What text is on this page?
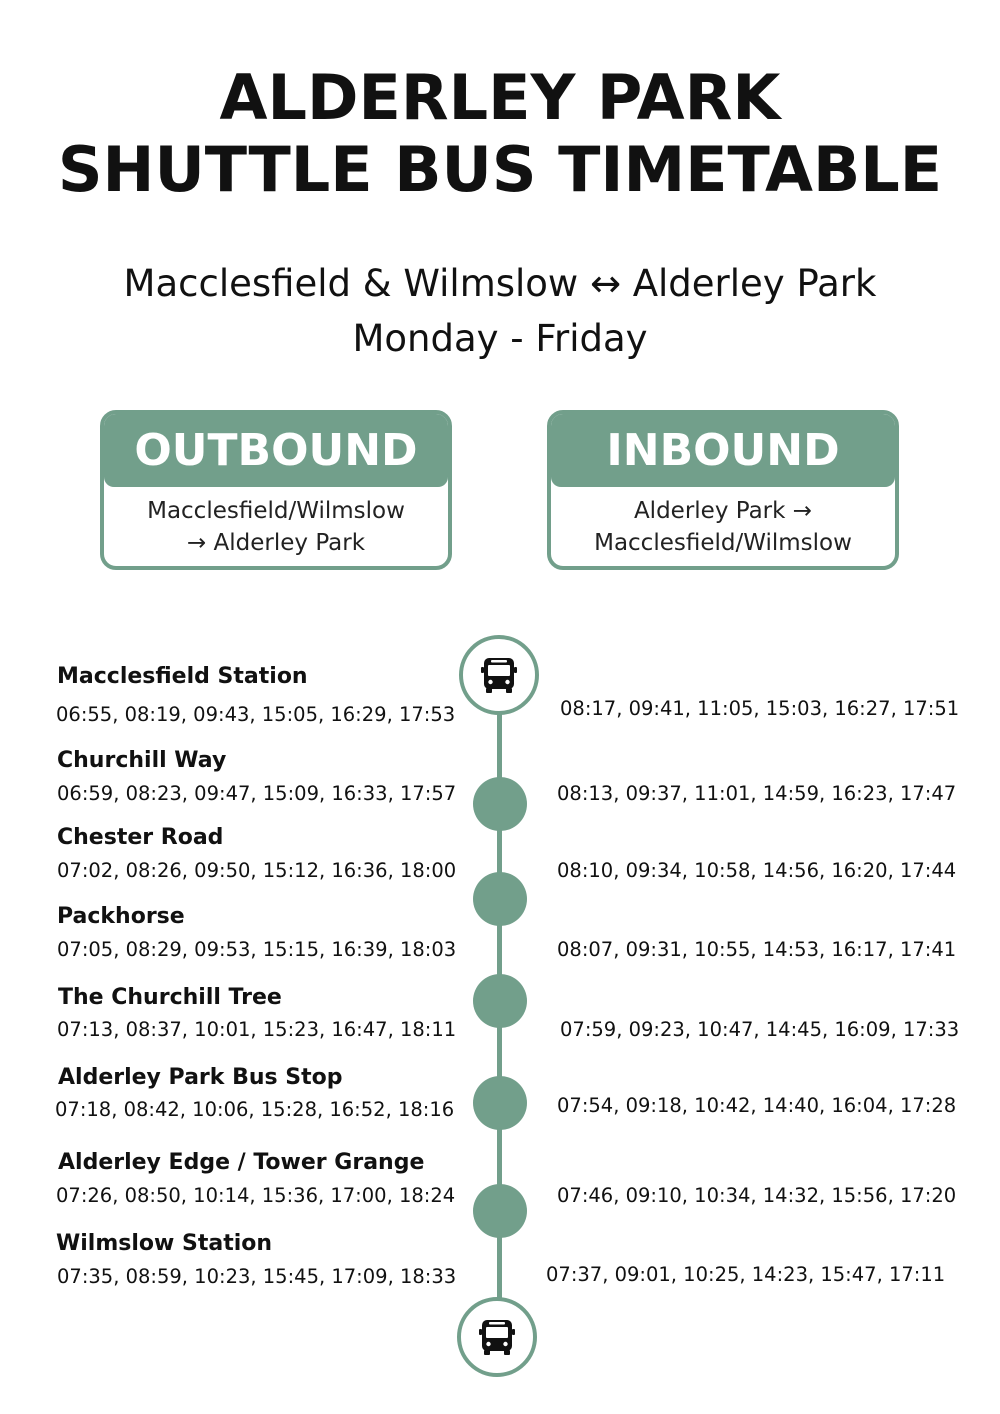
ALDERLEY PARK
SHUTTLE BUS TIMETABLE
Macclesfield & Wilmslow ↔ Alderley Park
Monday - Friday
OUTBOUND
Macclesfield/Wilmslow
→ Alderley Park
INBOUND
Alderley Park →
Macclesfield/Wilmslow
Macclesfield Station
06:55, 08:19, 09:43, 15:05, 16:29, 17:53	08:17, 09:41, 11:05, 15:03, 16:27, 17:51
Churchill Way
06:59, 08:23, 09:47, 15:09, 16:33, 17:57	08:13, 09:37, 11:01, 14:59, 16:23, 17:47
Chester Road
07:02, 08:26, 09:50, 15:12, 16:36, 18:00	08:10, 09:34, 10:58, 14:56, 16:20, 17:44
Packhorse
07:05, 08:29, 09:53, 15:15, 16:39, 18:03	08:07, 09:31, 10:55, 14:53, 16:17, 17:41
The Churchill Tree
07:13, 08:37, 10:01, 15:23, 16:47, 18:11	07:59, 09:23, 10:47, 14:45, 16:09, 17:33
Alderley Park Bus Stop
07:18, 08:42, 10:06, 15:28, 16:52, 18:16	07:54, 09:18, 10:42, 14:40, 16:04, 17:28
Alderley Edge / Tower Grange
07:26, 08:50, 10:14, 15:36, 17:00, 18:24	07:46, 09:10, 10:34, 14:32, 15:56, 17:20
Wilmslow Station
07:35, 08:59, 10:23, 15:45, 17:09, 18:33	07:37, 09:01, 10:25, 14:23, 15:47, 17:11
